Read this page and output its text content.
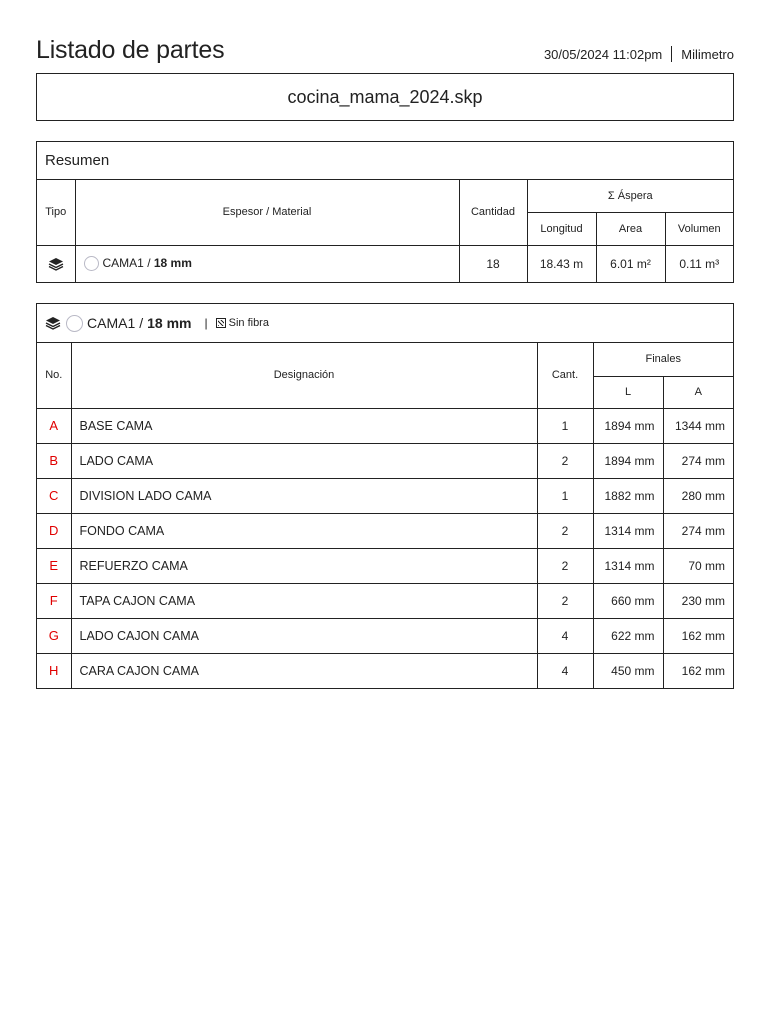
Listado de partes	30/05/2024 11:02pm Milimetro
cocina_mama_2024.skp
Resumen
Tipo	Espesor / Material	Cantidad	Σ Áspera		
			Longitud	Area	Volumen
	CAMA1 / 18 mm	18	18.43 m	6.01 m²	0.11 m³
CAMA1 / 18 mm | Sin fibra
No.	Designación	Cant.	Finales	
			L	A
A	BASE CAMA	1	1894 mm	1344 mm
B	LADO CAMA	2	1894 mm	274 mm
C	DIVISION LADO CAMA	1	1882 mm	280 mm
D	FONDO CAMA	2	1314 mm	274 mm
E	REFUERZO CAMA	2	1314 mm	70 mm
F	TAPA CAJON CAMA	2	660 mm	230 mm
G	LADO CAJON CAMA	4	622 mm	162 mm
H	CARA CAJON CAMA	4	450 mm	162 mm
